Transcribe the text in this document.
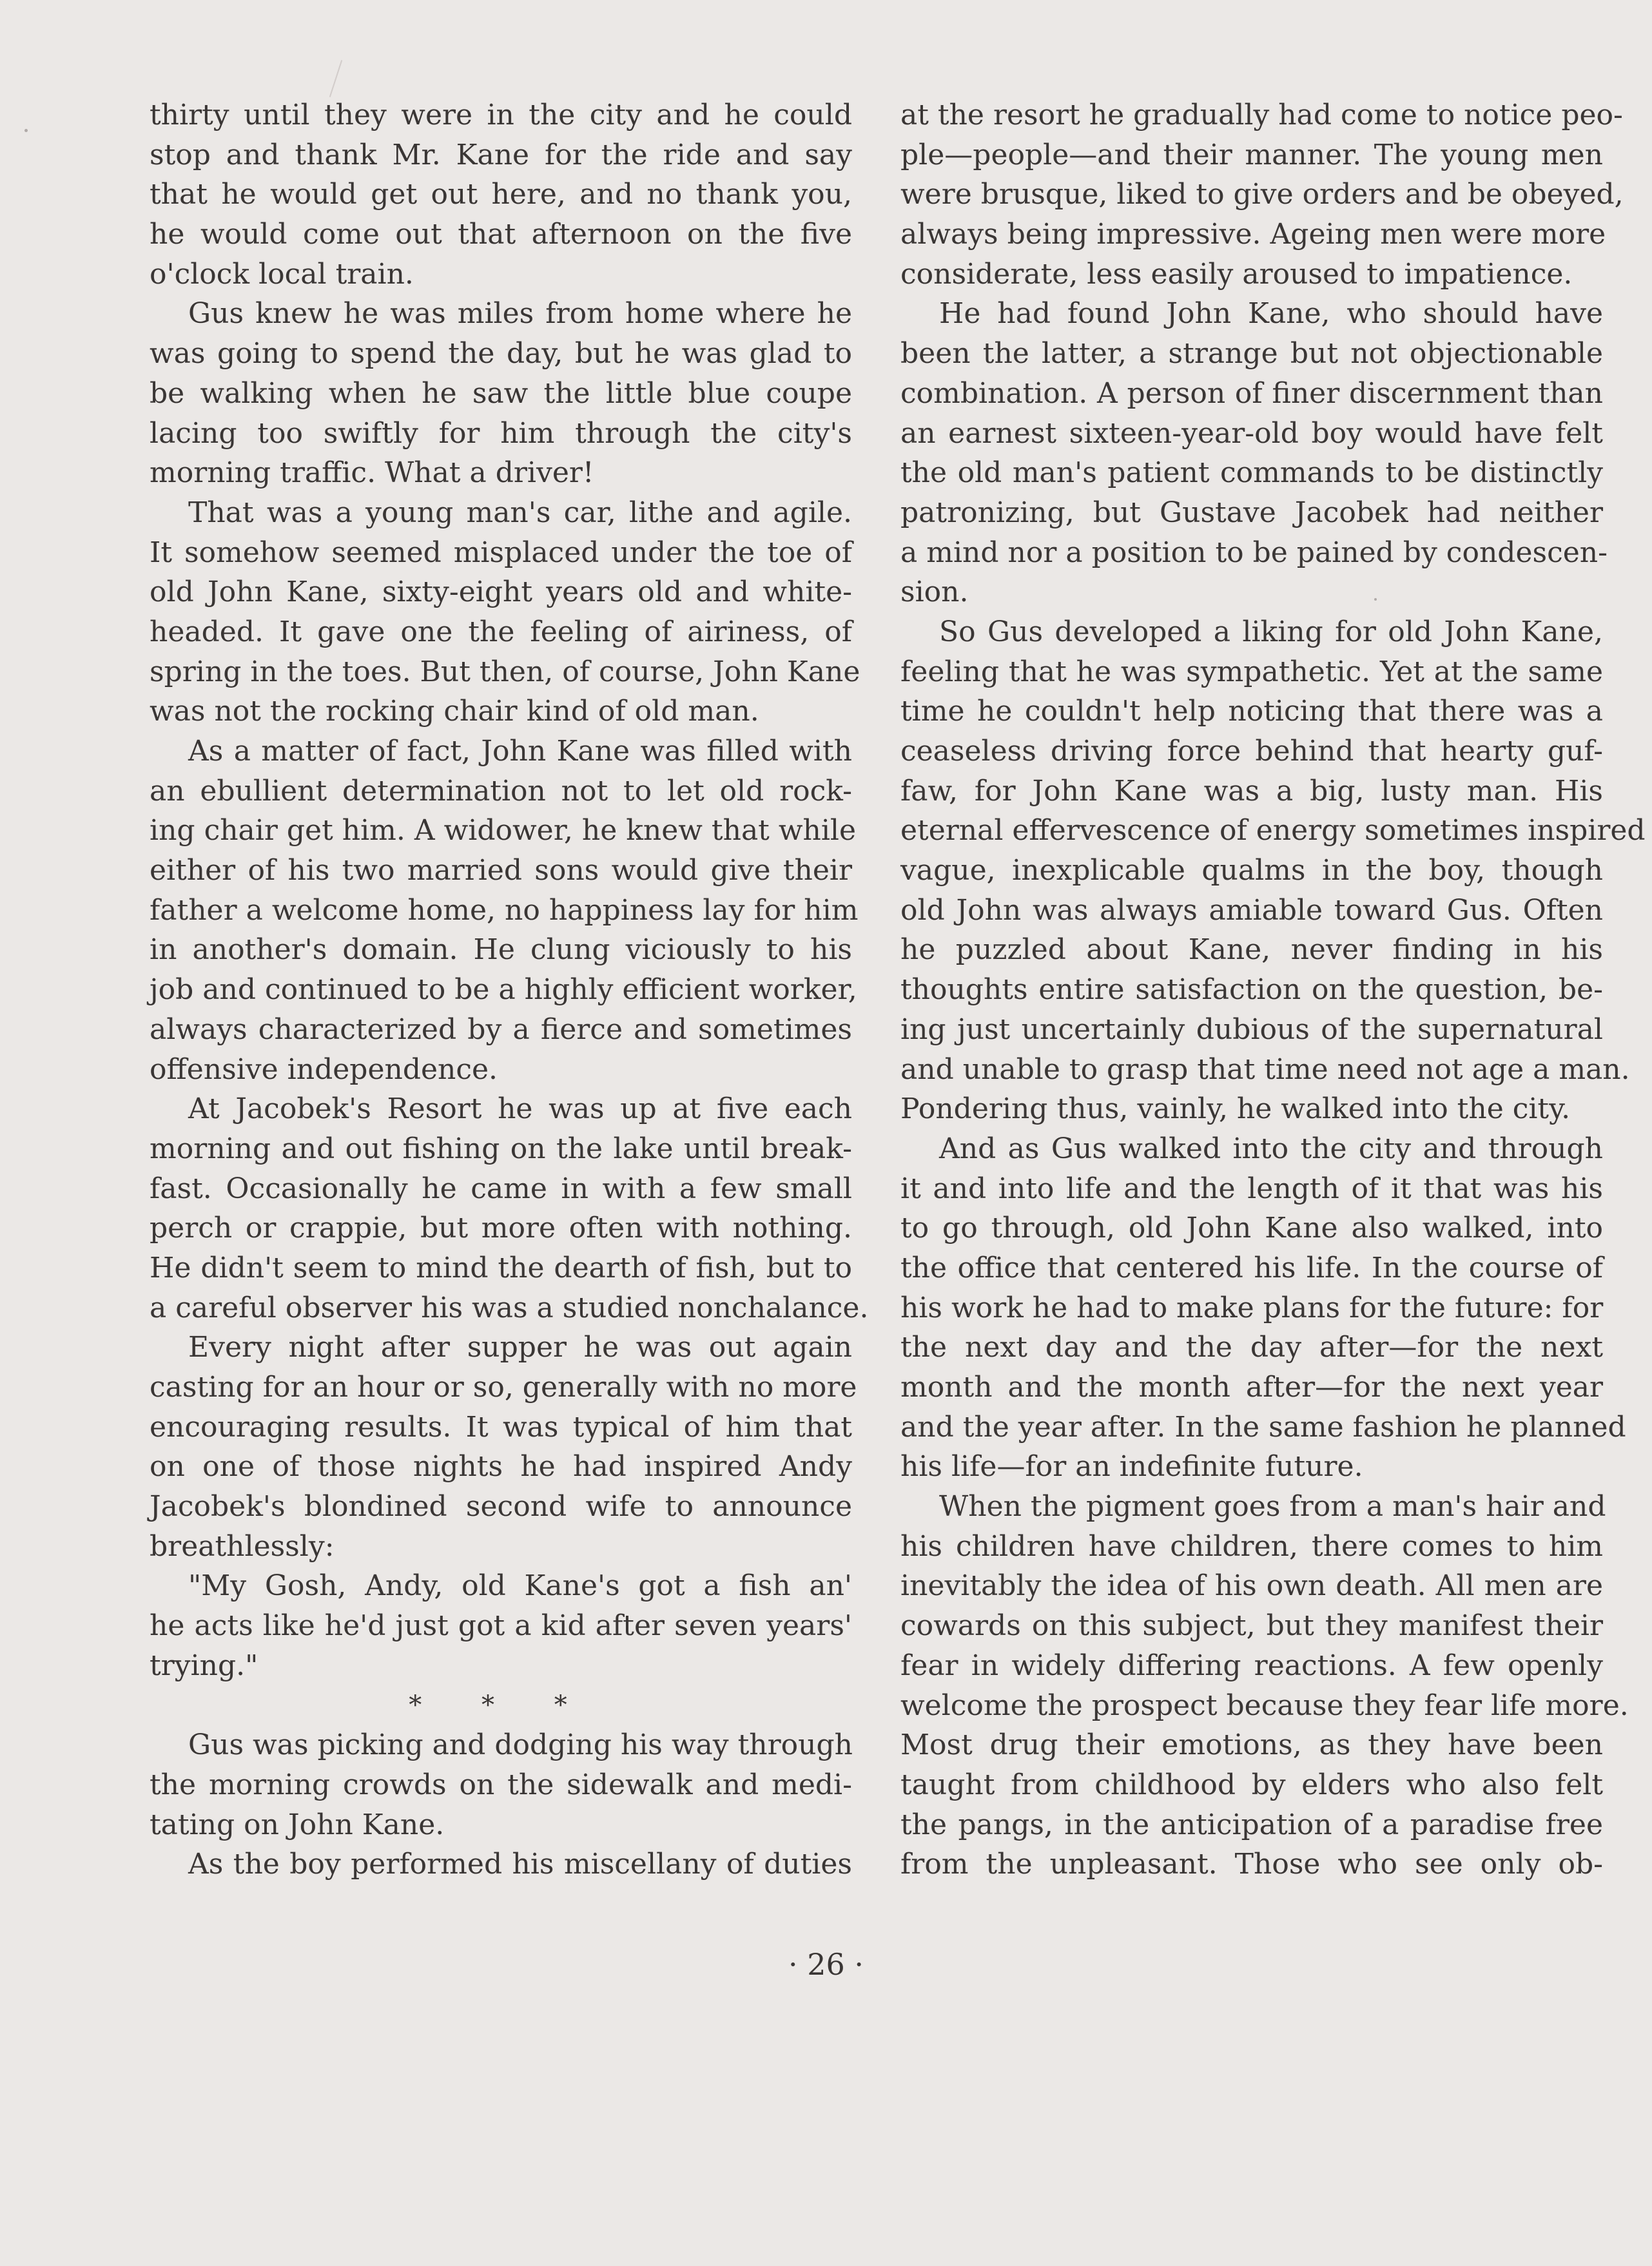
thirty until they were in the city and he could
stop and thank Mr. Kane for the ride and say
that he would get out here, and no thank you,
he would come out that afternoon on the five
o'clock local train.
Gus knew he was miles from home where he
was going to spend the day, but he was glad to
be walking when he saw the little blue coupe
lacing too swiftly for him through the city's
morning traffic. What a driver!
That was a young man's car, lithe and agile.
It somehow seemed misplaced under the toe of
old John Kane, sixty-eight years old and white-
headed. It gave one the feeling of airiness, of
spring in the toes. But then, of course, John Kane
was not the rocking chair kind of old man.
As a matter of fact, John Kane was filled with
an ebullient determination not to let old rock-
ing chair get him. A widower, he knew that while
either of his two married sons would give their
father a welcome home, no happiness lay for him
in another's domain. He clung viciously to his
job and continued to be a highly efficient worker,
always characterized by a fierce and sometimes
offensive independence.
At Jacobek's Resort he was up at five each
morning and out fishing on the lake until break-
fast. Occasionally he came in with a few small
perch or crappie, but more often with nothing.
He didn't seem to mind the dearth of fish, but to
a careful observer his was a studied nonchalance.
Every night after supper he was out again
casting for an hour or so, generally with no more
encouraging results. It was typical of him that
on one of those nights he had inspired Andy
Jacobek's blondined second wife to announce
breathlessly:
"My Gosh, Andy, old Kane's got a fish an'
he acts like he'd just got a kid after seven years'
trying."
* * *
Gus was picking and dodging his way through
the morning crowds on the sidewalk and medi-
tating on John Kane.
As the boy performed his miscellany of duties
at the resort he gradually had come to notice peo-
ple—people—and their manner. The young men
were brusque, liked to give orders and be obeyed,
always being impressive. Ageing men were more
considerate, less easily aroused to impatience.
He had found John Kane, who should have
been the latter, a strange but not objectionable
combination. A person of finer discernment than
an earnest sixteen-year-old boy would have felt
the old man's patient commands to be distinctly
patronizing, but Gustave Jacobek had neither
a mind nor a position to be pained by condescen-
sion.
So Gus developed a liking for old John Kane,
feeling that he was sympathetic. Yet at the same
time he couldn't help noticing that there was a
ceaseless driving force behind that hearty guf-
faw, for John Kane was a big, lusty man. His
eternal effervescence of energy sometimes inspired
vague, inexplicable qualms in the boy, though
old John was always amiable toward Gus. Often
he puzzled about Kane, never finding in his
thoughts entire satisfaction on the question, be-
ing just uncertainly dubious of the supernatural
and unable to grasp that time need not age a man.
Pondering thus, vainly, he walked into the city.
And as Gus walked into the city and through
it and into life and the length of it that was his
to go through, old John Kane also walked, into
the office that centered his life. In the course of
his work he had to make plans for the future: for
the next day and the day after—for the next
month and the month after—for the next year
and the year after. In the same fashion he planned
his life—for an indefinite future.
When the pigment goes from a man's hair and
his children have children, there comes to him
inevitably the idea of his own death. All men are
cowards on this subject, but they manifest their
fear in widely differing reactions. A few openly
welcome the prospect because they fear life more.
Most drug their emotions, as they have been
taught from childhood by elders who also felt
the pangs, in the anticipation of a paradise free
from the unpleasant. Those who see only ob-
· 26 ·
